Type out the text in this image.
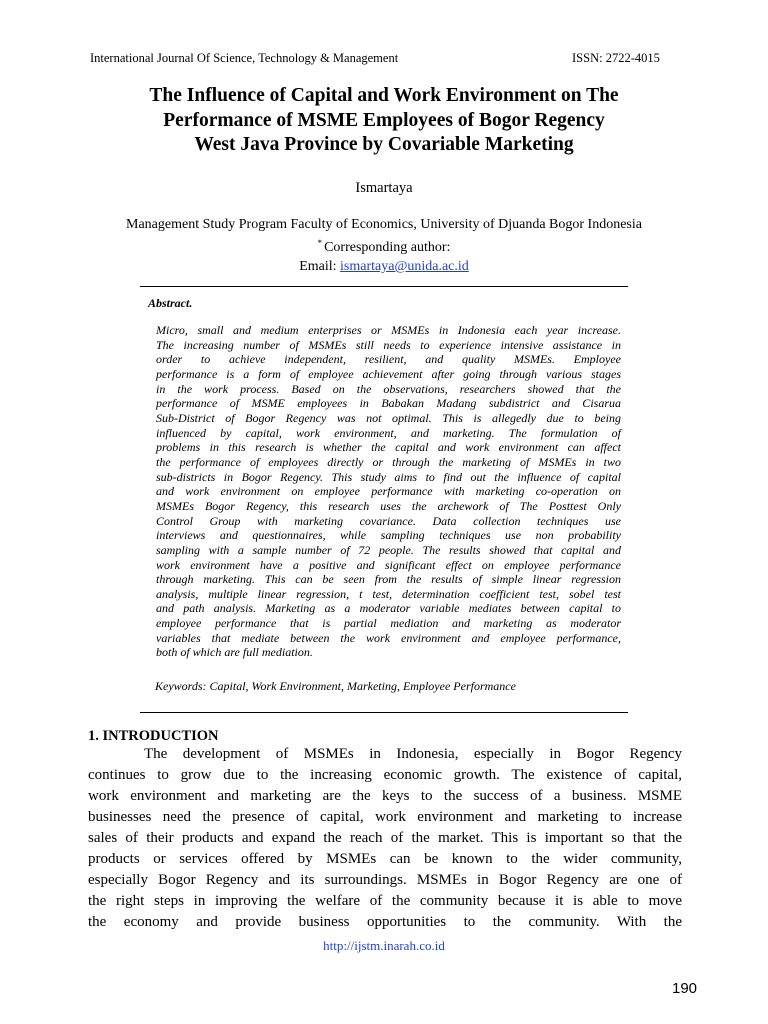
International Journal Of Science, Technology & Management	ISSN: 2722-4015
The Influence of Capital and Work Environment on The
Performance of MSME Employees of Bogor Regency
West Java Province by Covariable Marketing
Ismartaya
Management Study Program Faculty of Economics, University of Djuanda Bogor Indonesia
* Corresponding author:
Email: ismartaya@unida.ac.id
Abstract.
Micro, small and medium enterprises or MSMEs in Indonesia each year increase.
The increasing number of MSMEs still needs to experience intensive assistance in
order to achieve independent, resilient, and quality MSMEs. Employee
performance is a form of employee achievement after going through various stages
in the work process. Based on the observations, researchers showed that the
performance of MSME employees in Babakan Madang subdistrict and Cisarua
Sub-District of Bogor Regency was not optimal. This is allegedly due to being
influenced by capital, work environment, and marketing. The formulation of
problems in this research is whether the capital and work environment can affect
the performance of employees directly or through the marketing of MSMEs in two
sub-districts in Bogor Regency. This study aims to find out the influence of capital
and work environment on employee performance with marketing co-operation on
MSMEs Bogor Regency, this research uses the archework of The Posttest Only
Control Group with marketing covariance. Data collection techniques use
interviews and questionnaires, while sampling techniques use non probability
sampling with a sample number of 72 people. The results showed that capital and
work environment have a positive and significant effect on employee performance
through marketing. This can be seen from the results of simple linear regression
analysis, multiple linear regression, t test, determination coefficient test, sobel test
and path analysis. Marketing as a moderator variable mediates between capital to
employee performance that is partial mediation and marketing as moderator
variables that mediate between the work environment and employee performance,
both of which are full mediation.
Keywords: Capital, Work Environment, Marketing, Employee Performance
1. INTRODUCTION
The development of MSMEs in Indonesia, especially in Bogor Regency
continues to grow due to the increasing economic growth. The existence of capital,
work environment and marketing are the keys to the success of a business. MSME
businesses need the presence of capital, work environment and marketing to increase
sales of their products and expand the reach of the market. This is important so that the
products or services offered by MSMEs can be known to the wider community,
especially Bogor Regency and its surroundings. MSMEs in Bogor Regency are one of
the right steps in improving the welfare of the community because it is able to move
the economy and provide business opportunities to the community. With the
http://ijstm.inarah.co.id
190
